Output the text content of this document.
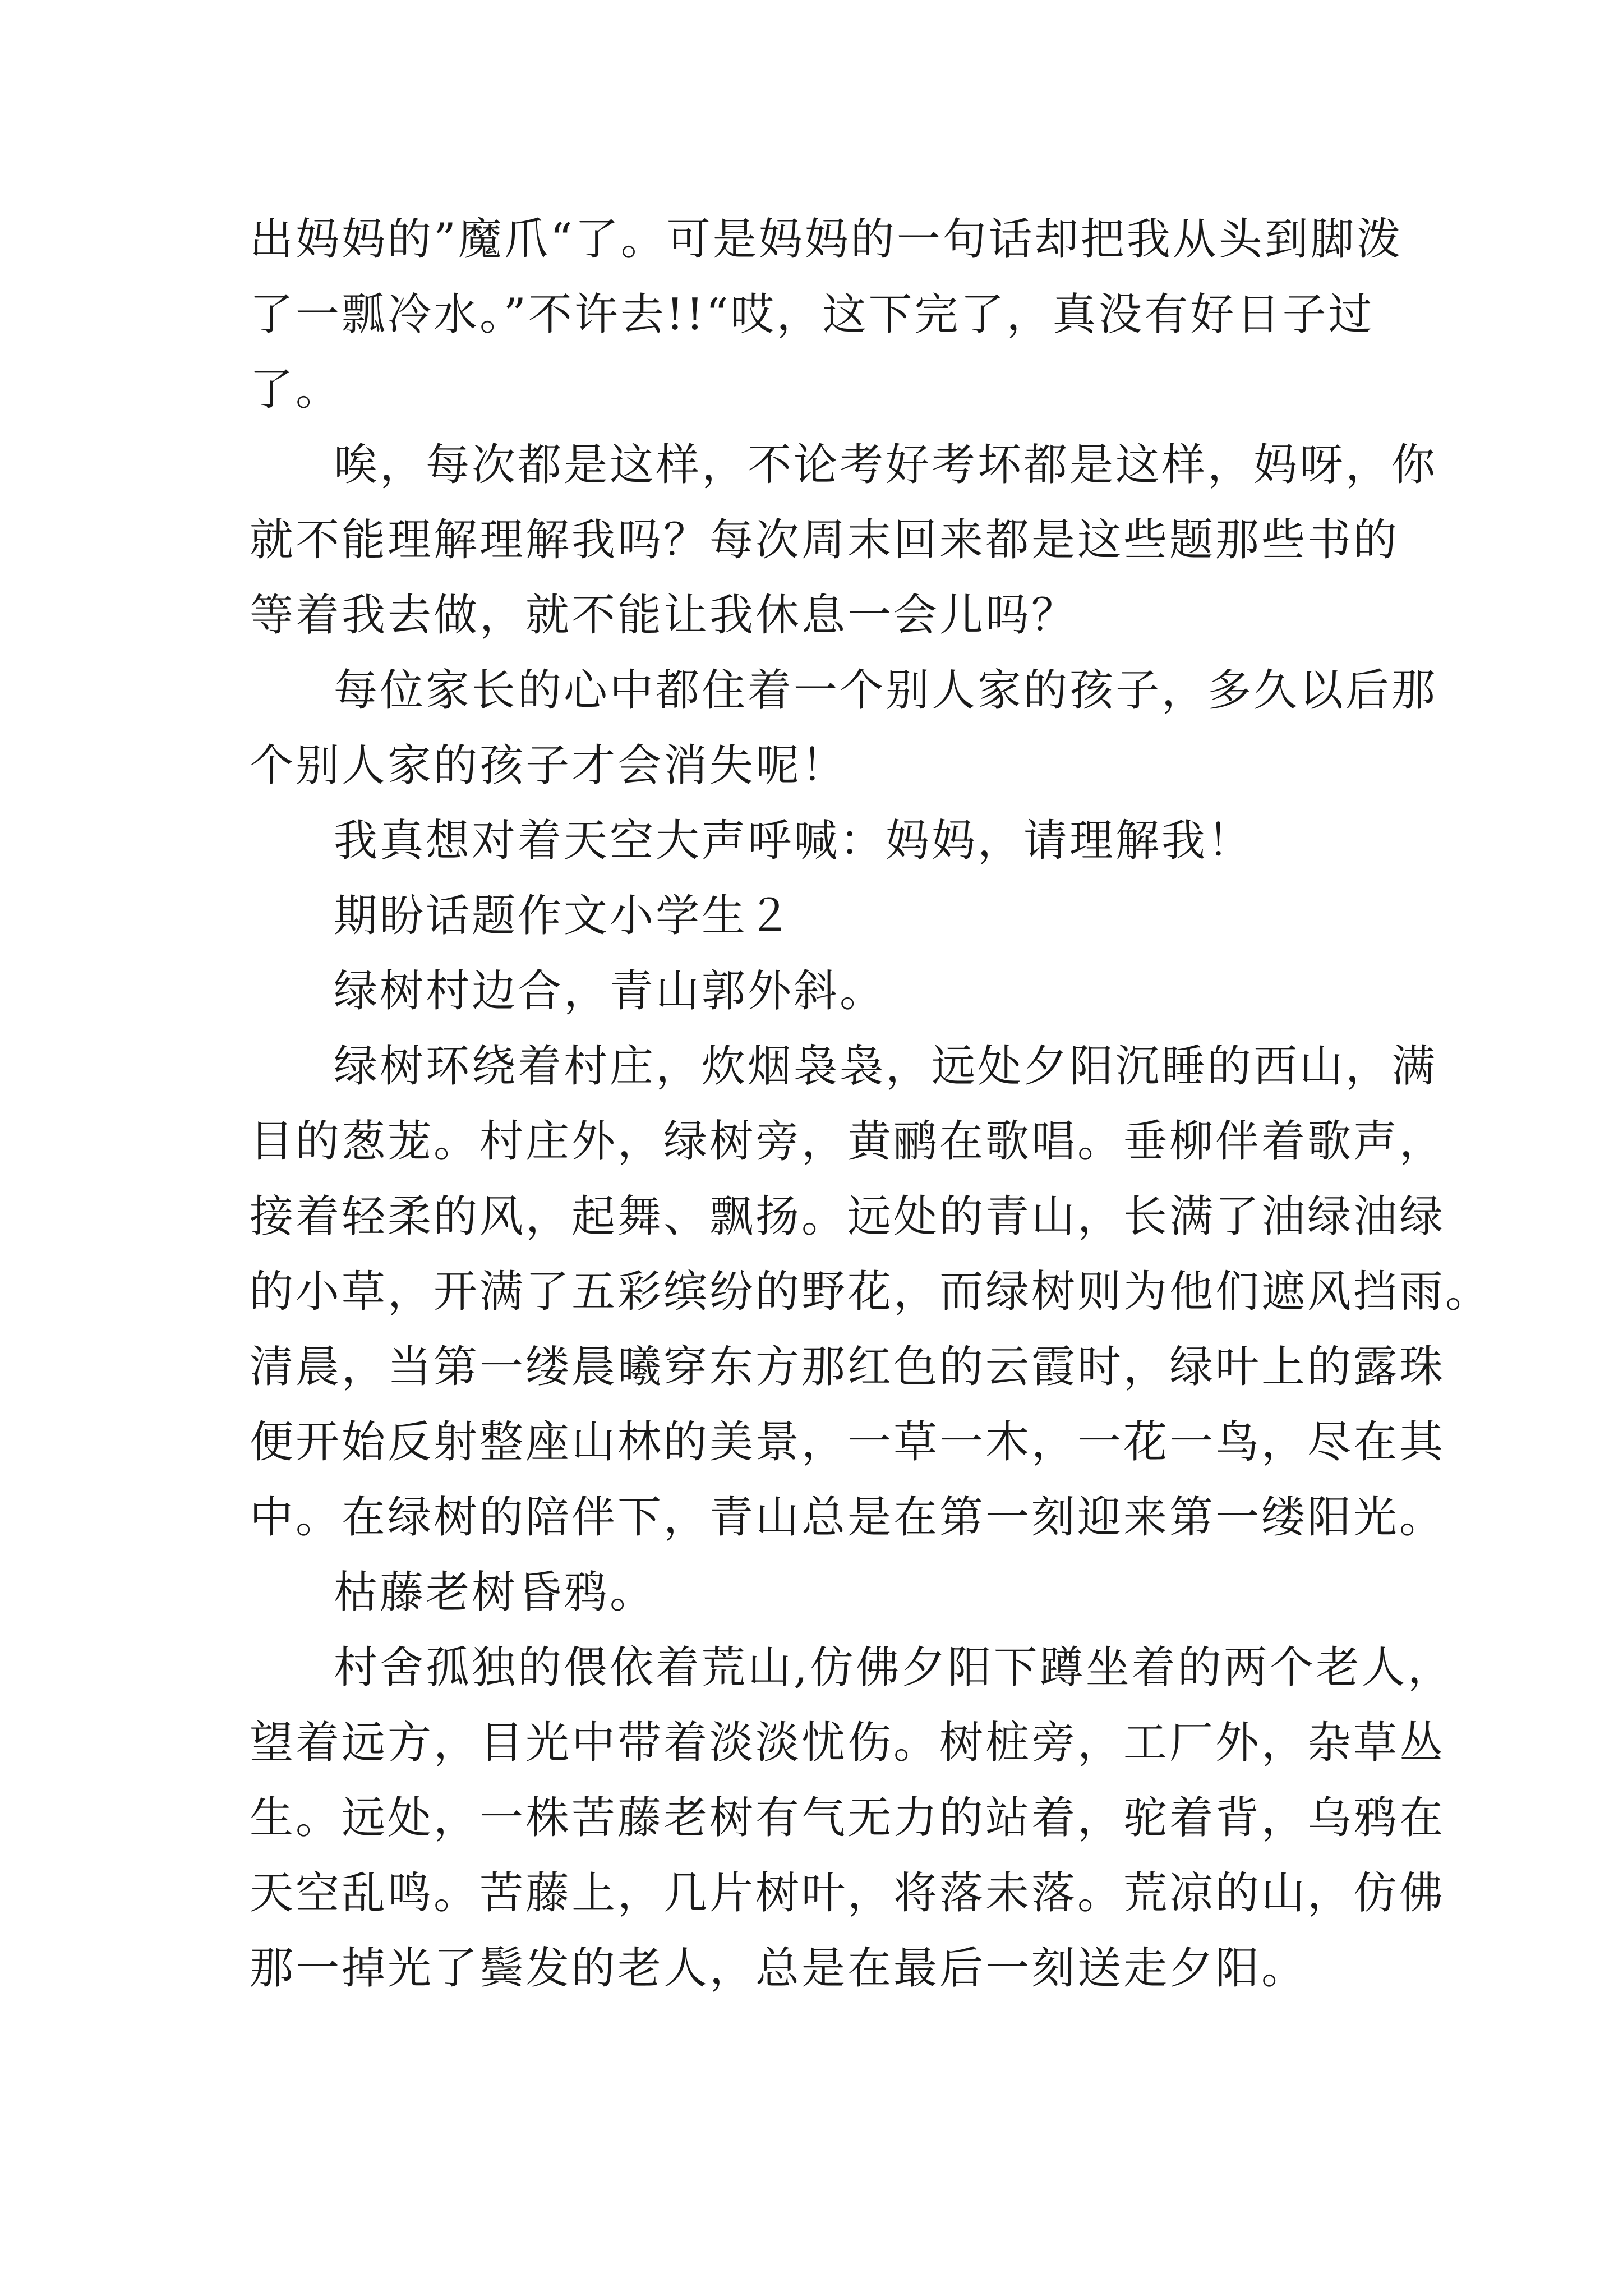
出妈妈的”魔爪“了。可是妈妈的一句话却把我从头到脚泼
了一瓢冷水。”不许去!!“哎，这下完了，真没有好日子过
了。
唉，每次都是这样，不论考好考坏都是这样，妈呀，你
就不能理解理解我吗？每次周末回来都是这些题那些书的
等着我去做，就不能让我休息一会儿吗？
每位家长的心中都住着一个别人家的孩子，多久以后那
个别人家的孩子才会消失呢！
我真想对着天空大声呼喊：妈妈，请理解我！
期盼话题作文小学生２
绿树村边合，青山郭外斜。
绿树环绕着村庄，炊烟袅袅，远处夕阳沉睡的西山，满
目的葱茏。村庄外，绿树旁，黄鹂在歌唱。垂柳伴着歌声，
接着轻柔的风，起舞、飘扬。远处的青山，长满了油绿油绿
的小草，开满了五彩缤纷的野花，而绿树则为他们遮风挡雨。
清晨，当第一缕晨曦穿东方那红色的云霞时，绿叶上的露珠
便开始反射整座山林的美景，一草一木，一花一鸟，尽在其
中。在绿树的陪伴下，青山总是在第一刻迎来第一缕阳光。
枯藤老树昏鸦。
村舍孤独的偎依着荒山,仿佛夕阳下蹲坐着的两个老人，
望着远方，目光中带着淡淡忧伤。树桩旁，工厂外，杂草丛
生。远处，一株苦藤老树有气无力的站着，驼着背，乌鸦在
天空乱鸣。苦藤上，几片树叶，将落未落。荒凉的山，仿佛
那一掉光了鬓发的老人，总是在最后一刻送走夕阳。
